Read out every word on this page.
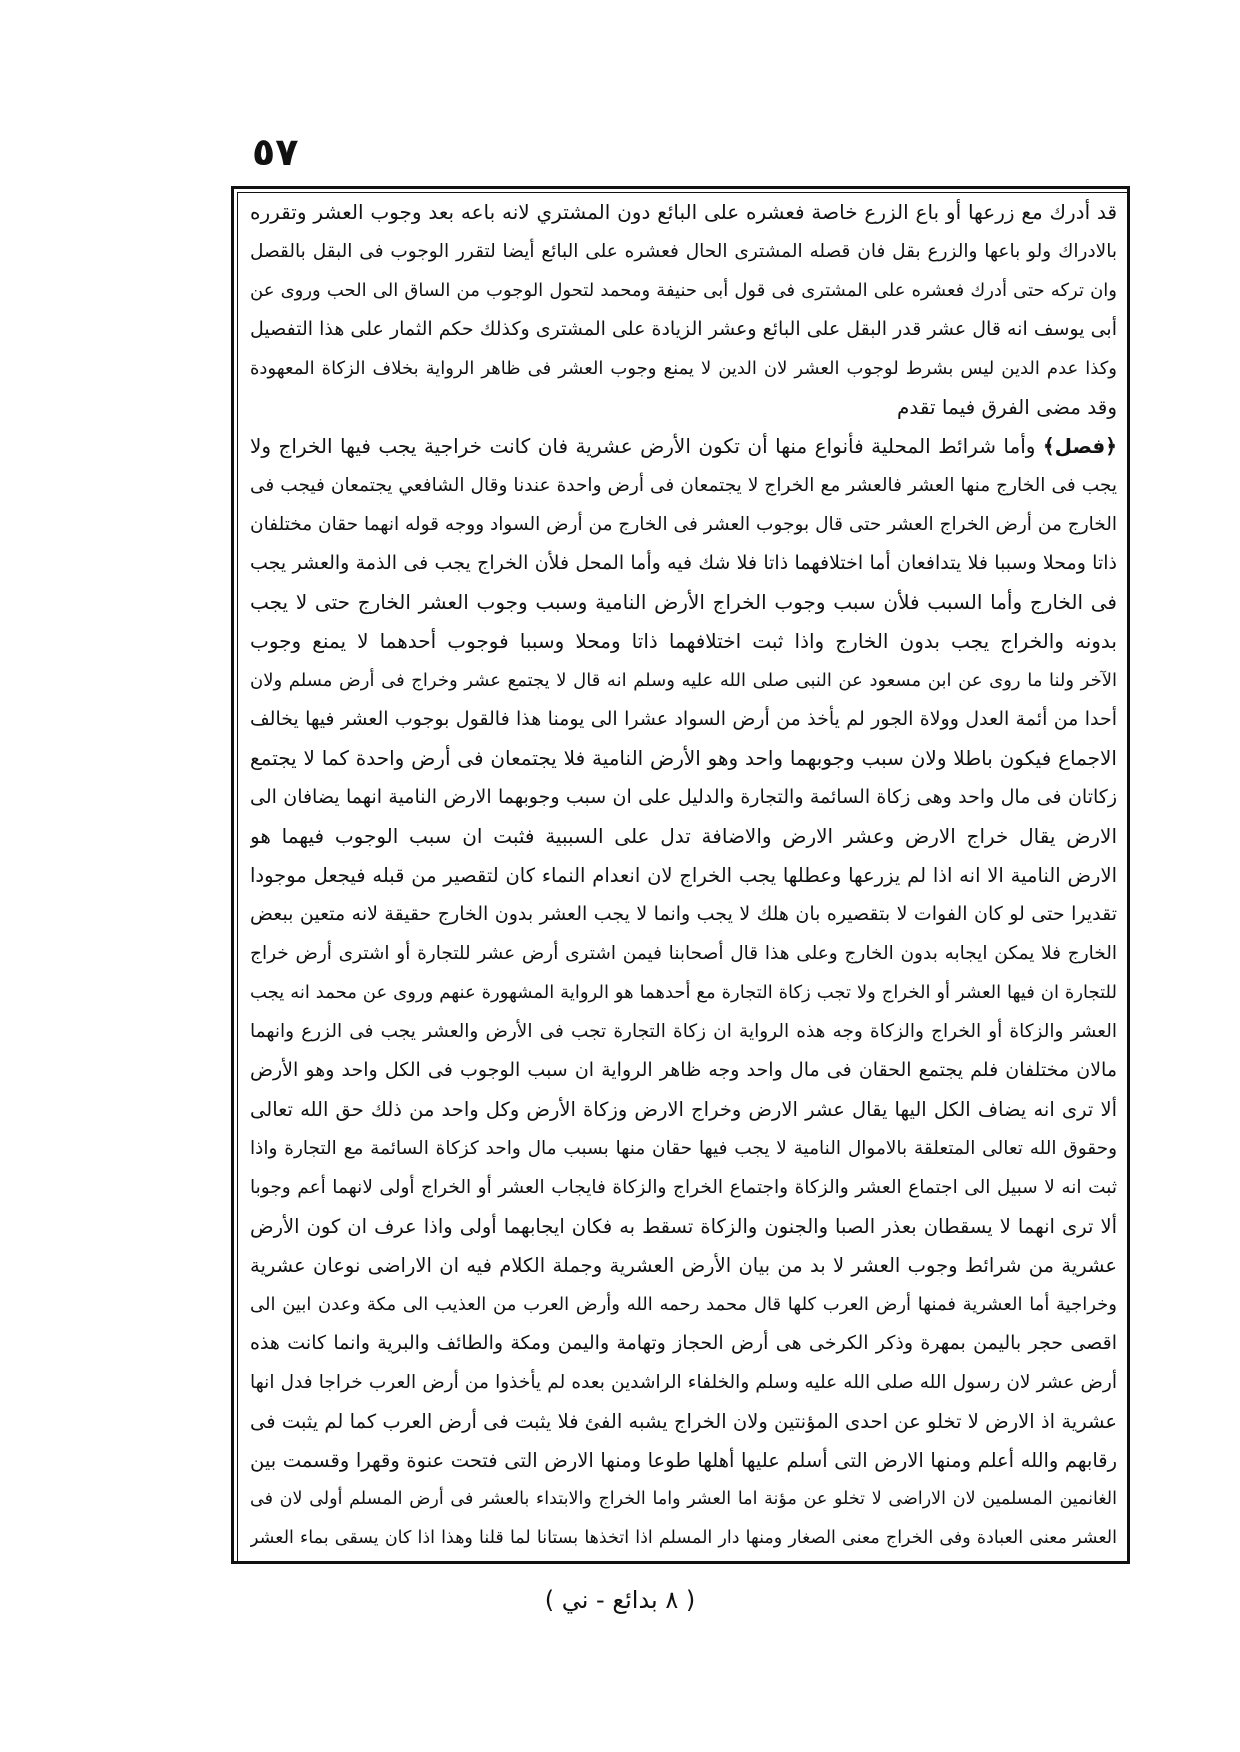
٥٧
قد أدرك مع زرعها أو باع الزرع خاصة فعشره على البائع دون المشتري لانه باعه بعد وجوب العشر وتقرره
بالادراك ولو باعها والزرع بقل فان قصله المشترى الحال فعشره على البائع أيضا لتقرر الوجوب فى البقل بالقصل
وان تركه حتى أدرك فعشره على المشترى فى قول أبى حنيفة ومحمد لتحول الوجوب من الساق الى الحب وروى عن
أبى يوسف انه قال عشر قدر البقل على البائع وعشر الزيادة على المشترى وكذلك حكم الثمار على هذا التفصيل
وكذا عدم الدين ليس بشرط لوجوب العشر لان الدين لا يمنع وجوب العشر فى ظاهر الرواية بخلاف الزكاة المعهودة
وقد مضى الفرق فيما تقدم
﴿فصل﴾ وأما شرائط المحلية فأنواع منها أن تكون الأرض عشرية فان كانت خراجية يجب فيها الخراج ولا
يجب فى الخارج منها العشر فالعشر مع الخراج لا يجتمعان فى أرض واحدة عندنا وقال الشافعي يجتمعان فيجب فى
الخارج من أرض الخراج العشر حتى قال بوجوب العشر فى الخارج من أرض السواد ووجه قوله انهما حقان مختلفان
ذاتا ومحلا وسببا فلا يتدافعان أما اختلافهما ذاتا فلا شك فيه وأما المحل فلأن الخراج يجب فى الذمة والعشر يجب
فى الخارج وأما السبب فلأن سبب وجوب الخراج الأرض النامية وسبب وجوب العشر الخارج حتى لا يجب
بدونه والخراج يجب بدون الخارج واذا ثبت اختلافهما ذاتا ومحلا وسببا فوجوب أحدهما لا يمنع وجوب
الآخر ولنا ما روى عن ابن مسعود عن النبى صلى الله عليه وسلم انه قال لا يجتمع عشر وخراج فى أرض مسلم ولان
أحدا من أئمة العدل وولاة الجور لم يأخذ من أرض السواد عشرا الى يومنا هذا فالقول بوجوب العشر فيها يخالف
الاجماع فيكون باطلا ولان سبب وجوبهما واحد وهو الأرض النامية فلا يجتمعان فى أرض واحدة كما لا يجتمع
زكاتان فى مال واحد وهى زكاة السائمة والتجارة والدليل على ان سبب وجوبهما الارض النامية انهما يضافان الى
الارض يقال خراج الارض وعشر الارض والاضافة تدل على السببية فثبت ان سبب الوجوب فيهما هو
الارض النامية الا انه اذا لم يزرعها وعطلها يجب الخراج لان انعدام النماء كان لتقصير من قبله فيجعل موجودا
تقديرا حتى لو كان الفوات لا بتقصيره بان هلك لا يجب وانما لا يجب العشر بدون الخارج حقيقة لانه متعين ببعض
الخارج فلا يمكن ايجابه بدون الخارج وعلى هذا قال أصحابنا فيمن اشترى أرض عشر للتجارة أو اشترى أرض خراج
للتجارة ان فيها العشر أو الخراج ولا تجب زكاة التجارة مع أحدهما هو الرواية المشهورة عنهم وروى عن محمد انه يجب
العشر والزكاة أو الخراج والزكاة وجه هذه الرواية ان زكاة التجارة تجب فى الأرض والعشر يجب فى الزرع وانهما
مالان مختلفان فلم يجتمع الحقان فى مال واحد وجه ظاهر الرواية ان سبب الوجوب فى الكل واحد وهو الأرض
ألا ترى انه يضاف الكل اليها يقال عشر الارض وخراج الارض وزكاة الأرض وكل واحد من ذلك حق الله تعالى
وحقوق الله تعالى المتعلقة بالاموال النامية لا يجب فيها حقان منها بسبب مال واحد كزكاة السائمة مع التجارة واذا
ثبت انه لا سبيل الى اجتماع العشر والزكاة واجتماع الخراج والزكاة فايجاب العشر أو الخراج أولى لانهما أعم وجوبا
ألا ترى انهما لا يسقطان بعذر الصبا والجنون والزكاة تسقط به فكان ايجابهما أولى واذا عرف ان كون الأرض
عشرية من شرائط وجوب العشر لا بد من بيان الأرض العشرية وجملة الكلام فيه ان الاراضى نوعان عشرية
وخراجية أما العشرية فمنها أرض العرب كلها قال محمد رحمه الله وأرض العرب من العذيب الى مكة وعدن ابين الى
اقصى حجر باليمن بمهرة وذكر الكرخى هى أرض الحجاز وتهامة واليمن ومكة والطائف والبرية وانما كانت هذه
أرض عشر لان رسول الله صلى الله عليه وسلم والخلفاء الراشدين بعده لم يأخذوا من أرض العرب خراجا فدل انها
عشرية اذ الارض لا تخلو عن احدى المؤنتين ولان الخراج يشبه الفئ فلا يثبت فى أرض العرب كما لم يثبت فى
رقابهم والله أعلم ومنها الارض التى أسلم عليها أهلها طوعا ومنها الارض التى فتحت عنوة وقهرا وقسمت بين
الغانمين المسلمين لان الاراضى لا تخلو عن مؤنة اما العشر واما الخراج والابتداء بالعشر فى أرض المسلم أولى لان فى
العشر معنى العبادة وفى الخراج معنى الصغار ومنها دار المسلم اذا اتخذها بستانا لما قلنا وهذا اذا كان يسقى بماء العشر
( ٨ بدائع - ني )
